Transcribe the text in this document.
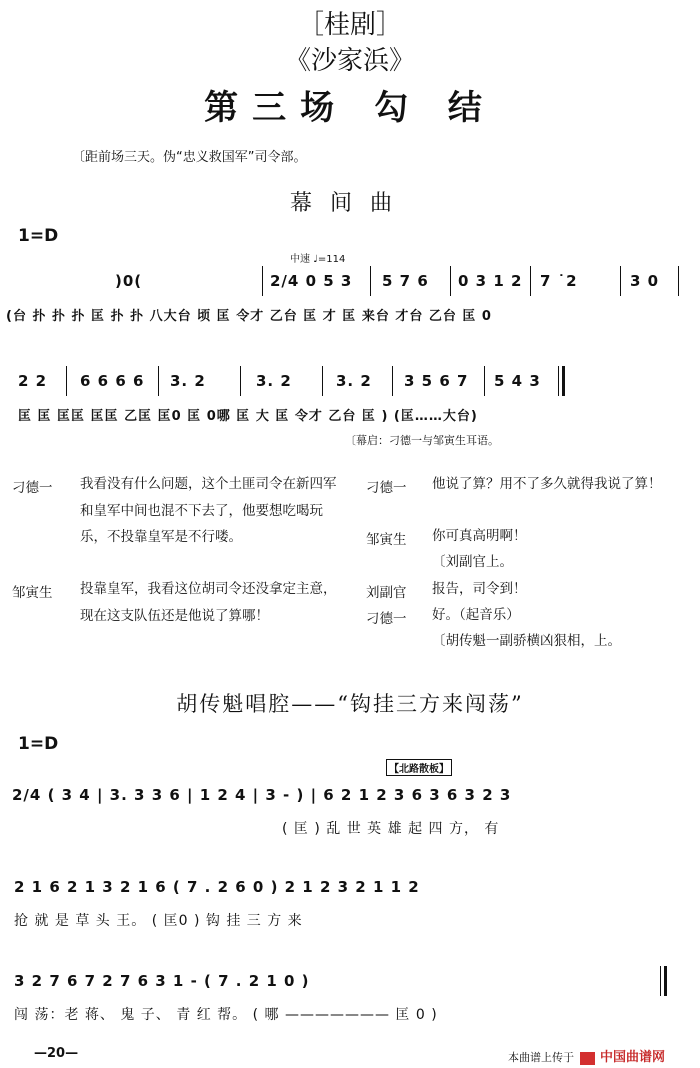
［桂剧］
《沙家浜》
第三场 勾 结
〔距前场三天。伪“忠义救国军”司令部。
幕间曲
1=D
中速 ♩=114
)0(	2/4 0 5 3 5 7 6 0 3 1 2 7 ˙2	3 0
(台 扑 扑 扑 匡 扑 扑 八大台 顷 匡 令才 乙台 匡 才 匡 来台 才台 乙台 匡 0
2 2 6 6 6 6 3. 2	3. 2	3. 2 3 5 6 7 5 4 3
匡 匡 匡匡 匡匡 乙匡 匡0 匡 0哪 匡 大 匡 令才 乙台 匡 ) (匡……大台)
〔幕启：刁德一与邹寅生耳语。
刁德一 我看没有什么问题，这个土匪司令在新四军和皇军中间也混不下去了，他要想吃喝玩乐，不投靠皇军是不行喽。
邹寅生 投靠皇军，我看这位胡司令还没拿定主意，现在这支队伍还是他说了算哪！
刁德一 他说了算？用不了多久就得我说了算！
邹寅生 你可真高明啊！
〔刘副官上。
刘副官 报告，司令到！
刁德一 好。（起音乐）
〔胡传魁一副骄横凶狠相，上。
胡传魁唱腔——“钩挂三方来闯荡”
1=D
【北路散板】
2/4 ( 3 4 | 3. 3 3 6 | 1 2 4 | 3 - ) | 6 2 1 2 3 6 3 6 3 2 3
( 匡 ) 乱 世 英 雄 起 四 方， 有
2 1 6 2 1 3 2 1 6 ( 7 . 2 6 0 ) 2 1 2 3 2 1 1 2
抢 就 是 草 头 王。 ( 匡0 ) 钩 挂 三 方 来
3 2 7 6 7 2 7 6 3 1 - ( 7 . 2 1 0 )
闯 荡：老 蒋、 鬼 子、 青 红 帮。 ( 哪 ——————— 匡 0 )
—20—	本曲谱上传于 中国曲谱网
